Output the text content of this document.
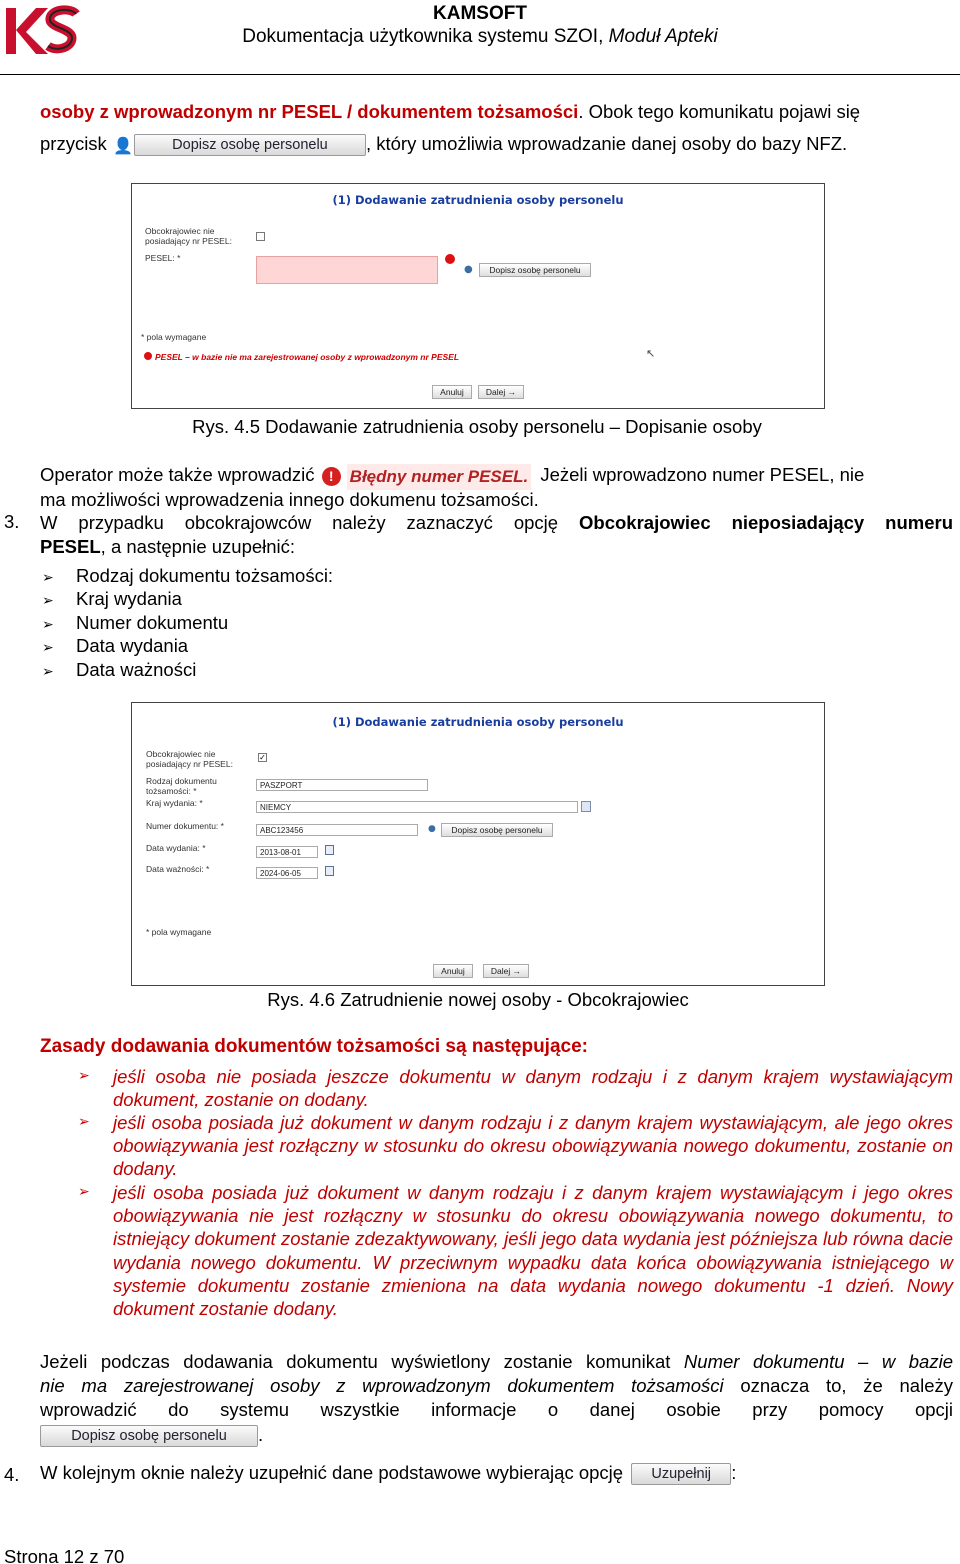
KAMSOFT
Dokumentacja użytkownika systemu SZOI, Moduł Apteki
osoby z wprowadzonym nr PESEL / dokumentem tożsamości. Obok tego komunikatu pojawi się
przycisk 👤	Dopisz osobę personelu , który umożliwia wprowadzanie danej osoby do bazy NFZ.
(1) Dodawanie zatrudnienia osoby personelu
Obcokrajowiec nie posiadający nr PESEL:
PESEL: *
●	Dopisz osobę personelu
* pola wymagane
PESEL – w bazie nie ma zarejestrowanej osoby z wprowadzonym nr PESEL	↖
Anuluj	Dalej →
Rys. 4.5 Dodawanie zatrudnienia osoby personelu – Dopisanie osoby
Operator może także wprowadzić ! Błędny numer PESEL. Jeżeli wprowadzono numer PESEL, nie
ma możliwości wprowadzenia innego dokumenu tożsamości.
3. W przypadku obcokrajowców należy zaznaczyć opcję Obcokrajowiec nieposiadający numeru
PESEL, a następnie uzupełnić:
➢ Rodzaj dokumentu tożsamości:
➢ Kraj wydania
➢ Numer dokumentu
➢ Data wydania
➢ Data ważności
(1) Dodawanie zatrudnienia osoby personelu
Obcokrajowiec nie posiadający nr PESEL:
✓
Rodzaj dokumentu tożsamości: *
PASZPORT
Kraj wydania: *	NIEMCY
Numer dokumentu: *	ABC123456	●	Dopisz osobę personelu
Data wydania: *	2013-08-01
Data ważności: *	2024-06-05
* pola wymagane
Anuluj	Dalej →
Rys. 4.6 Zatrudnienie nowej osoby - Obcokrajowiec
Zasady dodawania dokumentów tożsamości są następujące:
➢ jeśli osoba nie posiada jeszcze dokumentu w danym rodzaju i z danym krajem wystawiającym dokument, zostanie on dodany.
➢ jeśli osoba posiada już dokument w danym rodzaju i z danym krajem wystawiającym, ale jego okres obowiązywania jest rozłączny w stosunku do okresu obowiązywania nowego dokumentu, zostanie on dodany.
➢ jeśli osoba posiada już dokument w danym rodzaju i z danym krajem wystawiającym i jego okres obowiązywania nie jest rozłączny w stosunku do okresu obowiązywania nowego dokumentu, to istniejący dokument zostanie zdezaktywowany, jeśli jego data wydania jest późniejsza lub równa dacie wydania nowego dokumentu. W przeciwnym wypadku data końca obowiązywania istniejącego w systemie dokumentu zostanie zmieniona na data wydania nowego dokumentu -1 dzień. Nowy dokument zostanie dodany.
Jeżeli podczas dodawania dokumentu wyświetlony zostanie komunikat Numer dokumentu – w bazie
nie ma zarejestrowanej osoby z wprowadzonym dokumentem tożsamości oznacza to, że należy
wprowadzić do systemu wszystkie informacje o danej osobie przy pomocy opcji
Dopisz osobę personelu .
4. W kolejnym oknie należy uzupełnić dane podstawowe wybierając opcję Uzupełnij :
Strona 12 z 70
